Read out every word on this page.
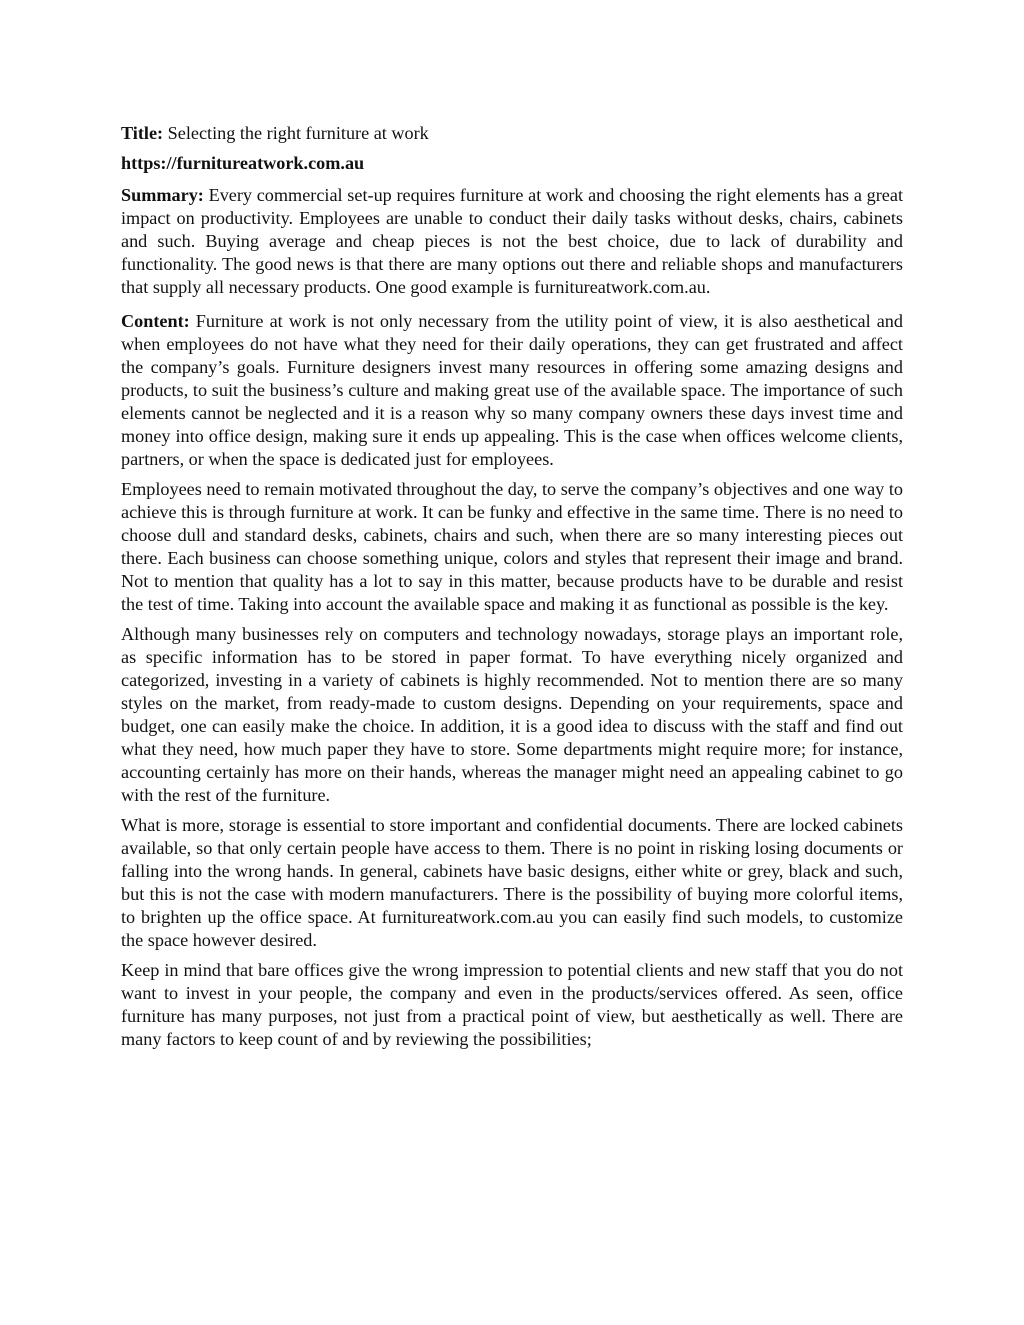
Title: Selecting the right furniture at work

https://furnitureatwork.com.au

Summary: Every commercial set-up requires furniture at work and choosing the right elements has a great impact on productivity. Employees are unable to conduct their daily tasks without desks, chairs, cabinets and such. Buying average and cheap pieces is not the best choice, due to lack of durability and functionality. The good news is that there are many options out there and reliable shops and manufacturers that supply all necessary products. One good example is furnitureatwork.com.au.

Content: Furniture at work is not only necessary from the utility point of view, it is also aesthetical and when employees do not have what they need for their daily operations, they can get frustrated and affect the company’s goals. Furniture designers invest many resources in offering some amazing designs and products, to suit the business’s culture and making great use of the available space. The importance of such elements cannot be neglected and it is a reason why so many company owners these days invest time and money into office design, making sure it ends up appealing. This is the case when offices welcome clients, partners, or when the space is dedicated just for employees.

Employees need to remain motivated throughout the day, to serve the company’s objectives and one way to achieve this is through furniture at work. It can be funky and effective in the same time. There is no need to choose dull and standard desks, cabinets, chairs and such, when there are so many interesting pieces out there. Each business can choose something unique, colors and styles that represent their image and brand. Not to mention that quality has a lot to say in this matter, because products have to be durable and resist the test of time. Taking into account the available space and making it as functional as possible is the key.

Although many businesses rely on computers and technology nowadays, storage plays an important role, as specific information has to be stored in paper format. To have everything nicely organized and categorized, investing in a variety of cabinets is highly recommended. Not to mention there are so many styles on the market, from ready-made to custom designs. Depending on your requirements, space and budget, one can easily make the choice. In addition, it is a good idea to discuss with the staff and find out what they need, how much paper they have to store. Some departments might require more; for instance, accounting certainly has more on their hands, whereas the manager might need an appealing cabinet to go with the rest of the furniture.

What is more, storage is essential to store important and confidential documents. There are locked cabinets available, so that only certain people have access to them. There is no point in risking losing documents or falling into the wrong hands. In general, cabinets have basic designs, either white or grey, black and such, but this is not the case with modern manufacturers. There is the possibility of buying more colorful items, to brighten up the office space. At furnitureatwork.com.au you can easily find such models, to customize the space however desired.

Keep in mind that bare offices give the wrong impression to potential clients and new staff that you do not want to invest in your people, the company and even in the products/services offered. As seen, office furniture has many purposes, not just from a practical point of view, but aesthetically as well. There are many factors to keep count of and by reviewing the possibilities;
